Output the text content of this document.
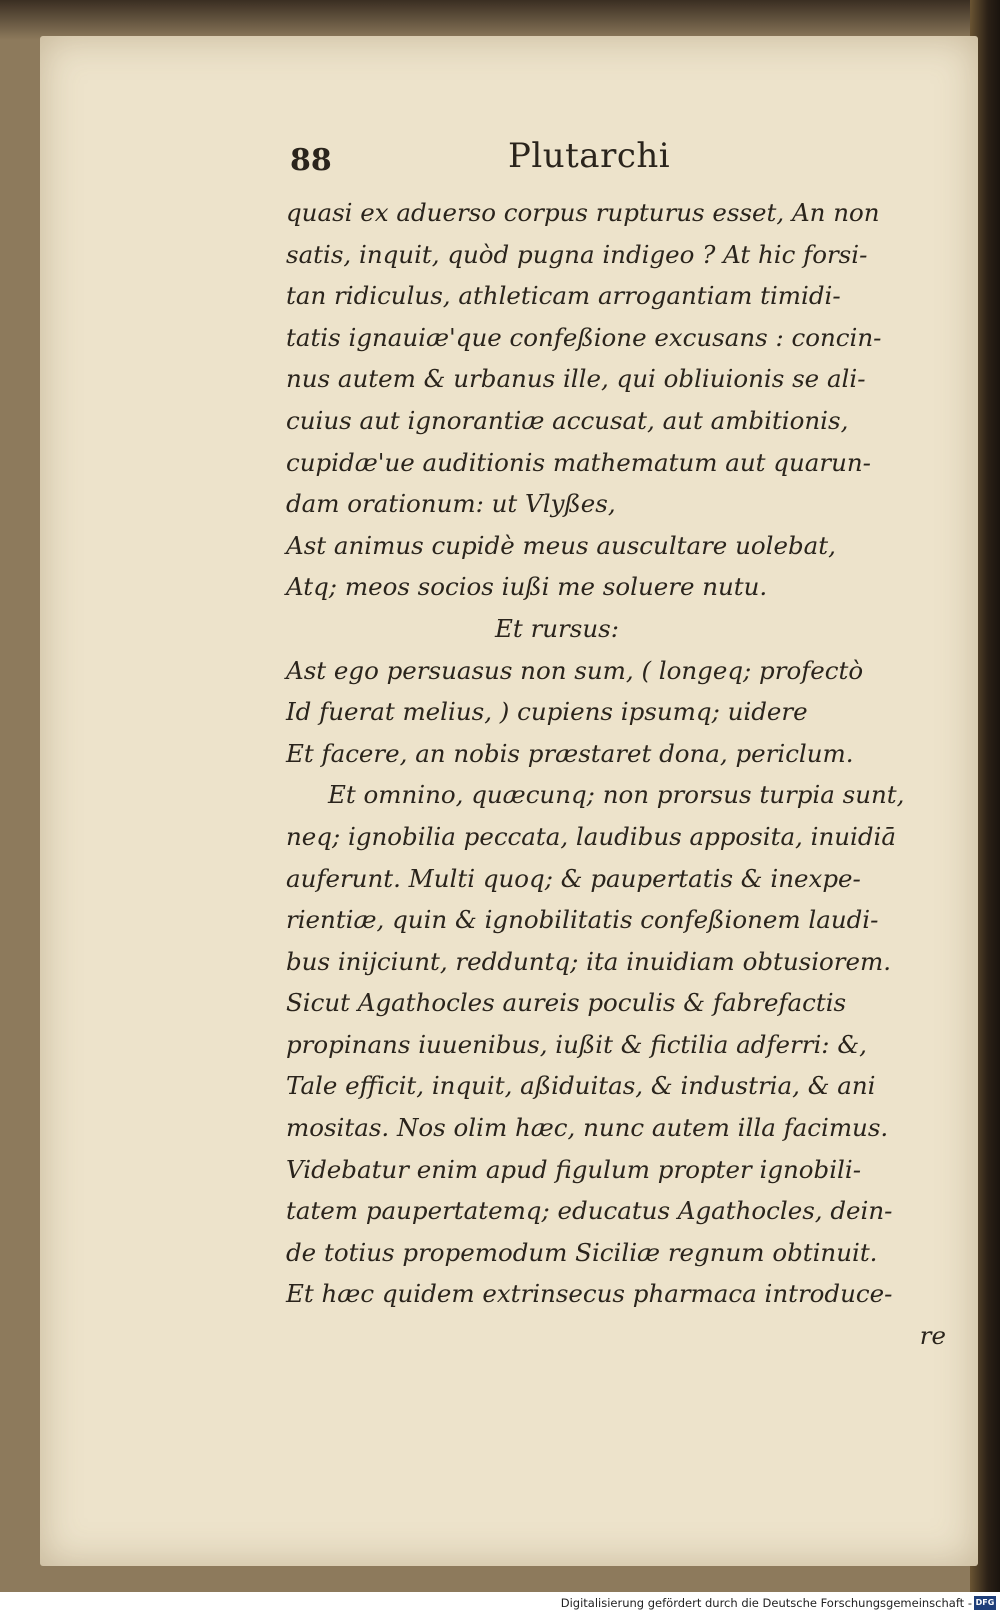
88	Plutarchi
quasi ex aduerso corpus rupturus esset, An non
satis, inquit, quòd pugna indigeo ? At hic forsi-
tan ridiculus, athleticam arrogantiam timidi-
tatis ignauiæ'que confeßione excusans : concin-
nus autem & urbanus ille, qui obliuionis se ali-
cuius aut ignorantiæ accusat, aut ambitionis,
cupidæ'ue auditionis mathematum aut quarun-
dam orationum: ut Vlyßes,
Ast animus cupidè meus auscultare uolebat,
Atq; meos socios iußi me soluere nutu.
Et rursus:
Ast ego persuasus non sum, ( longeq; profectò
Id fuerat melius, ) cupiens ipsumq; uidere
Et facere, an nobis præstaret dona, periclum.
Et omnino, quæcunq; non prorsus turpia sunt,
neq; ignobilia peccata, laudibus apposita, inuidiā
auferunt. Multi quoq; & paupertatis & inexpe-
rientiæ, quin & ignobilitatis confeßionem laudi-
bus inijciunt, redduntq; ita inuidiam obtusiorem.
Sicut Agathocles aureis poculis & fabrefactis
propinans iuuenibus, iußit & fictilia adferri: &,
Tale efficit, inquit, aßiduitas, & industria, & ani
mositas. Nos olim hæc, nunc autem illa facimus.
Videbatur enim apud figulum propter ignobili-
tatem paupertatemq; educatus Agathocles, dein-
de totius propemodum Siciliæ regnum obtinuit.
Et hæc quidem extrinsecus pharmaca introduce-
re
Digitalisierung gefördert durch die Deutsche Forschungsgemeinschaft - DFG
